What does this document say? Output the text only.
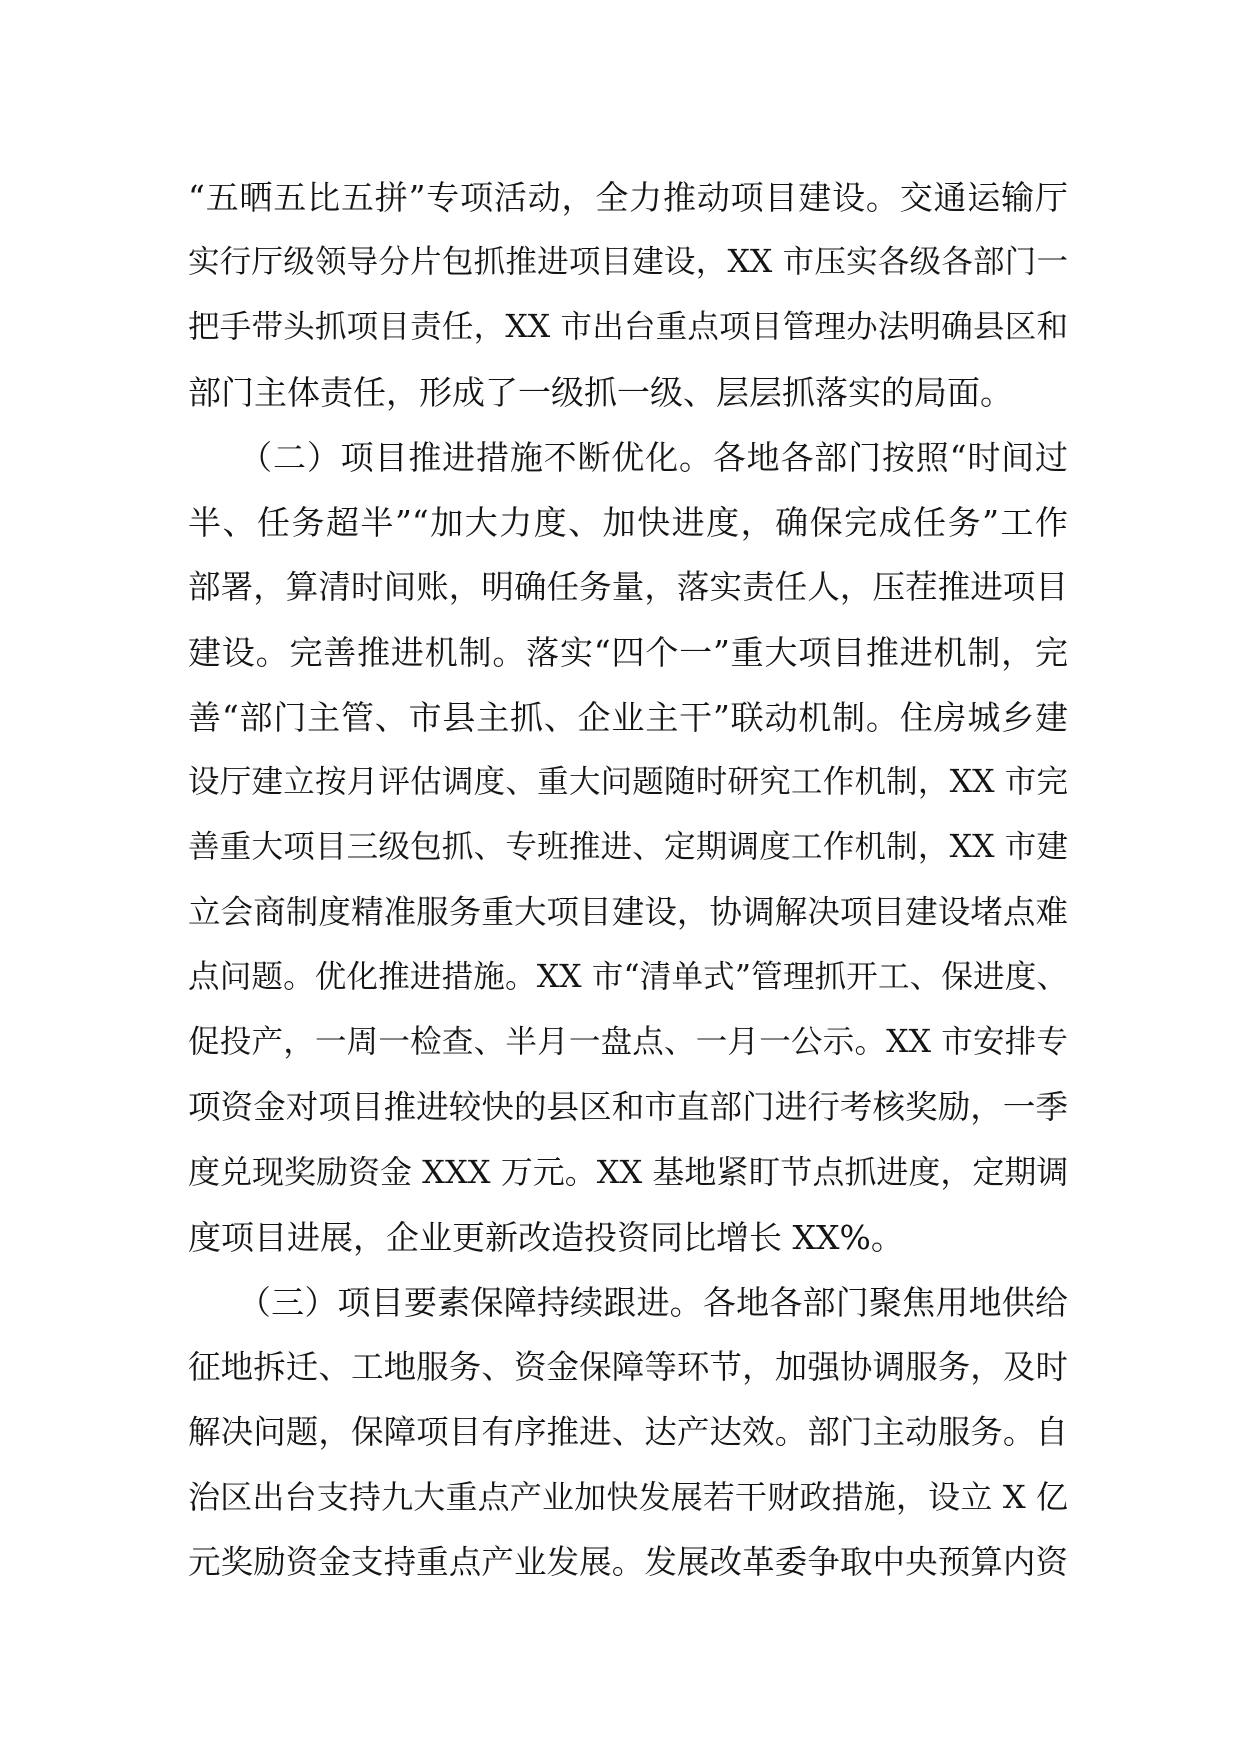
“五晒五比五拼”专项活动，全力推动项目建设。交通运输厅
实行厅级领导分片包抓推进项目建设，XX 市压实各级各部门一
把手带头抓项目责任，XX 市出台重点项目管理办法明确县区和
部门主体责任，形成了一级抓一级、层层抓落实的局面。
　　（二）项目推进措施不断优化。各地各部门按照“时间过
半、任务超半”“加大力度、加快进度，确保完成任务”工作
部署，算清时间账，明确任务量，落实责任人，压茬推进项目
建设。完善推进机制。落实“四个一”重大项目推进机制，完
善“部门主管、市县主抓、企业主干”联动机制。住房城乡建
设厅建立按月评估调度、重大问题随时研究工作机制，XX 市完
善重大项目三级包抓、专班推进、定期调度工作机制，XX 市建
立会商制度精准服务重大项目建设，协调解决项目建设堵点难
点问题。优化推进措施。XX 市“清单式”管理抓开工、保进度、
促投产，一周一检查、半月一盘点、一月一公示。XX 市安排专
项资金对项目推进较快的县区和市直部门进行考核奖励，一季
度兑现奖励资金 XXX 万元。XX 基地紧盯节点抓进度，定期调
度项目进展，企业更新改造投资同比增长 XX%。
　　（三）项目要素保障持续跟进。各地各部门聚焦用地供给
征地拆迁、工地服务、资金保障等环节，加强协调服务，及时
解决问题，保障项目有序推进、达产达效。部门主动服务。自
治区出台支持九大重点产业加快发展若干财政措施，设立 X 亿
元奖励资金支持重点产业发展。发展改革委争取中央预算内资
